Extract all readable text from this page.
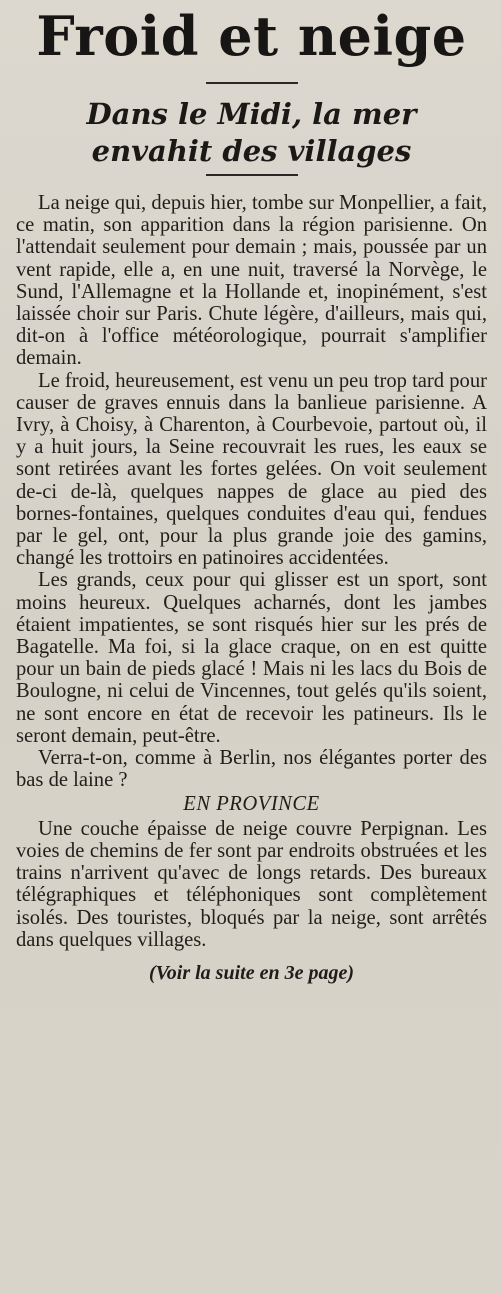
Froid et neige
Dans le Midi, la mer
envahit des villages

La neige qui, depuis hier, tombe sur Monpellier, a fait, ce matin, son apparition dans la région parisienne. On l'attendait seulement pour demain ; mais, poussée par un vent rapide, elle a, en une nuit, traversé la Norvège, le Sund, l'Allemagne et la Hollande et, inopinément, s'est laissée choir sur Paris. Chute légère, d'ailleurs, mais qui, dit-on à l'office météorologique, pourrait s'amplifier demain.

Le froid, heureusement, est venu un peu trop tard pour causer de graves ennuis dans la banlieue parisienne. A Ivry, à Choisy, à Charenton, à Courbevoie, partout où, il y a huit jours, la Seine recouvrait les rues, les eaux se sont retirées avant les fortes gelées. On voit seulement de-ci de-là, quelques nappes de glace au pied des bornes-fontaines, quelques conduites d'eau qui, fendues par le gel, ont, pour la plus grande joie des gamins, changé les trottoirs en patinoires accidentées.

Les grands, ceux pour qui glisser est un sport, sont moins heureux. Quelques acharnés, dont les jambes étaient impatientes, se sont risqués hier sur les prés de Bagatelle. Ma foi, si la glace craque, on en est quitte pour un bain de pieds glacé ! Mais ni les lacs du Bois de Boulogne, ni celui de Vincennes, tout gelés qu'ils soient, ne sont encore en état de recevoir les patineurs. Ils le seront demain, peut-être.

Verra-t-on, comme à Berlin, nos élégantes porter des bas de laine ?

EN PROVINCE

Une couche épaisse de neige couvre Perpignan. Les voies de chemins de fer sont par endroits obstruées et les trains n'arrivent qu'avec de longs retards. Des bureaux télégraphiques et téléphoniques sont complètement isolés. Des touristes, bloqués par la neige, sont arrêtés dans quelques villages.

(Voir la suite en 3e page)
